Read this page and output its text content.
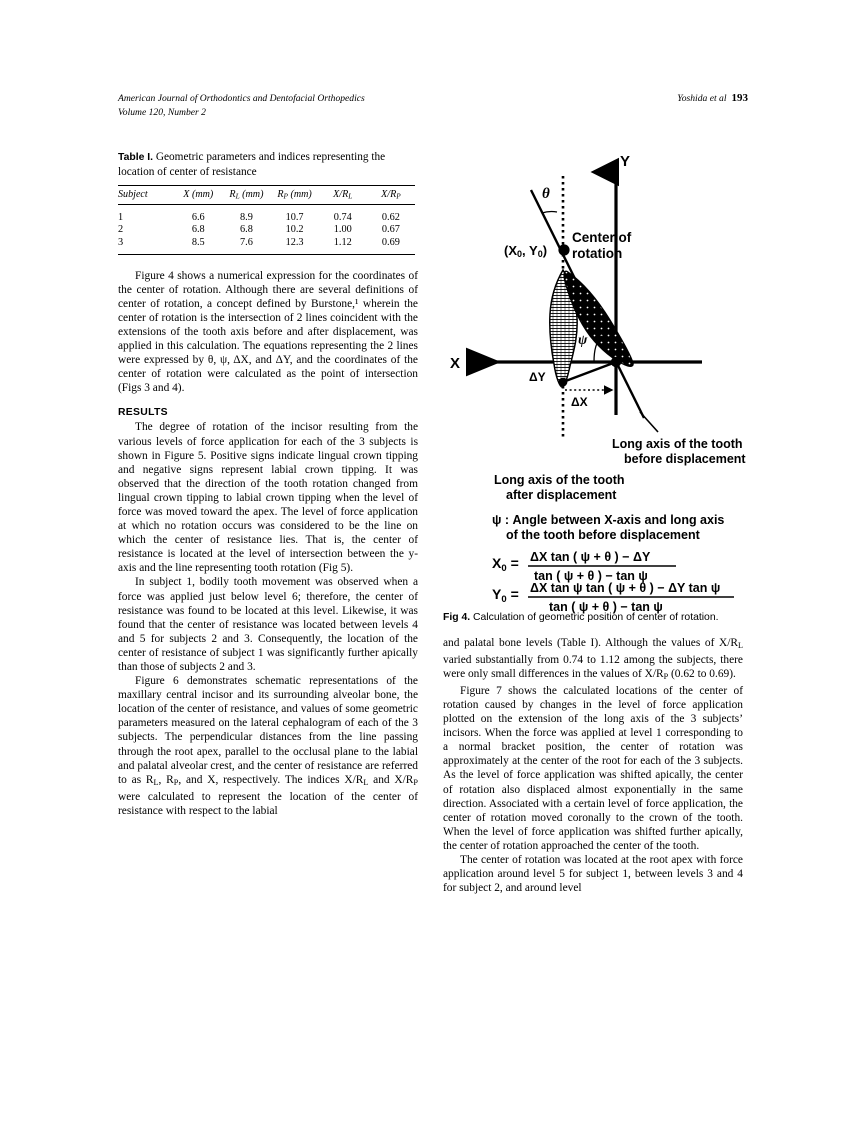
Yoshida et al 193
American Journal of Orthodontics and Dentofacial Orthopedics
Volume 120, Number 2
Table I. Geometric parameters and indices representing the location of center of resistance
Subject	X (mm)	$R_L$ (mm)	$R_P$ (mm)	$X/R_L$	$X/R_P$
1	6.6	8.9	10.7	0.74	0.62
2	6.8	6.8	10.2	1.00	0.67
3	8.5	7.6	12.3	1.12	0.69

Figure 4 shows a numerical expression for the coordinates of the center of rotation. Although there are several definitions of center of rotation, a concept defined by Burstone,¹ wherein the center of rotation is the intersection of 2 lines coincident with the extensions of the tooth axis before and after displacement, was applied in this calculation. The equations representing the 2 lines were expressed by θ, ψ, ΔX, and ΔY, and the coordinates of the center of rotation were calculated as the point of intersection (Figs 3 and 4).

RESULTS

The degree of rotation of the incisor resulting from the various levels of force application for each of the 3 subjects is shown in Figure 5. Positive signs indicate lingual crown tipping and negative signs represent labial crown tipping. It was observed that the direction of the tooth rotation changed from lingual crown tipping to labial crown tipping when the level of force was moved toward the apex. The level of force application at which no rotation occurs was considered to be the line on which the center of resistance lies. That is, the center of resistance is located at the level of intersection between the y-axis and the line representing tooth rotation (Fig 5).

In subject 1, bodily tooth movement was observed when a force was applied just below level 6; therefore, the center of resistance was found to be located at this level. Likewise, it was found that the center of resistance was located between levels 4 and 5 for subjects 2 and 3. Consequently, the location of the center of resistance of subject 1 was significantly further apically than those of subjects 2 and 3.

Figure 6 demonstrates schematic representations of the maxillary central incisor and its surrounding alveolar bone, the location of the center of resistance, and values of some geometric parameters measured on the lateral cephalogram of each of the 3 subjects. The perpendicular distances from the line passing through the root apex, parallel to the occlusal plane to the labial and palatal alveolar crest, and the center of resistance are referred to as $R_L$, $R_P$, and X, respectively. The indices $X/R_L$ and $X/R_P$ were calculated to represent the location of the center of resistance with respect to the labial

Y
X
θ
(X0, Y0)
Center of
rotation
ΔX
ΔY
ψ
Long axis of the tooth
before displacement
Long axis of the tooth
after displacement
ψ : Angle between X-axis and long axis
of the tooth before displacement
$X_0 = \Delta X$ tan ( ψ + θ ) − ΔY
tan ( ψ + θ ) − tan ψ
$Y_0 = \Delta X$ tan ψ tan ( ψ + θ ) − ΔY tan ψ
tan ( ψ + θ ) − tan ψ
Fig 4. Calculation of geometric position of center of rotation.

and palatal bone levels (Table I). Although the values of $X/R_L$ varied substantially from 0.74 to 1.12 among the subjects, there were only small differences in the values of $X/R_P$ (0.62 to 0.69).

Figure 7 shows the calculated locations of the center of rotation caused by changes in the level of force application plotted on the extension of the long axis of the 3 subjects’ incisors. When the force was applied at level 1 corresponding to a normal bracket position, the center of rotation was approximately at the center of the root for each of the 3 subjects. As the level of force application was shifted apically, the center of rotation also displaced almost exponentially in the same direction. Associated with a certain level of force application, the center of rotation moved coronally to the crown of the tooth. When the level of force application was shifted further apically, the center of rotation approached the center of the tooth.

The center of rotation was located at the root apex with force application around level 5 for subject 1, between levels 3 and 4 for subject 2, and around level
